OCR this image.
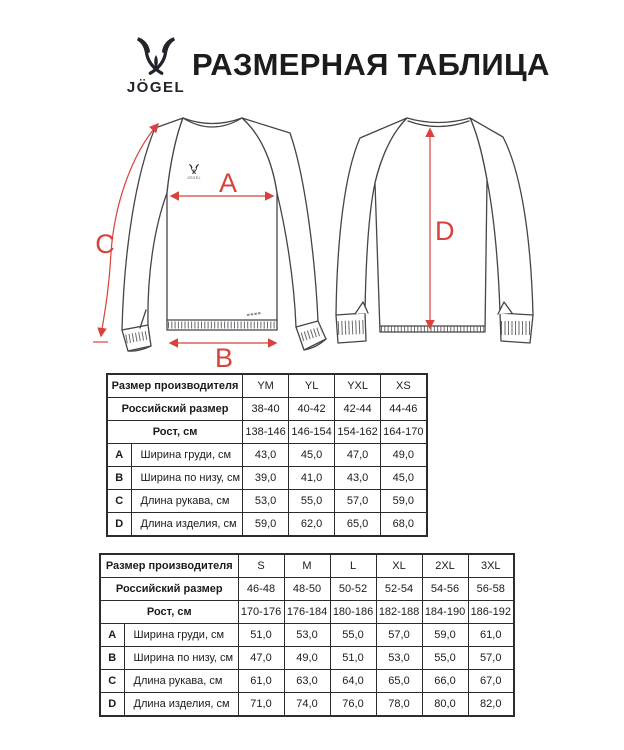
JÖGEL
РАЗМЕРНАЯ ТАБЛИЦА
JÖGEL A
B
C	D
Размер производителя		YM	YL	YXL	XS
Российский размер		38-40	40-42	42-44	44-46
Рост, см		138-146	146-154	154-162	164-170
A	Ширина груди, см	43,0	45,0	47,0	49,0
B	Ширина по низу, см	39,0	41,0	43,0	45,0
C	Длина рукава, см	53,0	55,0	57,0	59,0
D	Длина изделия, см	59,0	62,0	65,0	68,0
Размер производителя		S	M	L	XL	2XL	3XL
Российский размер		46-48	48-50	50-52	52-54	54-56	56-58
Рост, см		170-176	176-184	180-186	182-188	184-190	186-192
A	Ширина груди, см	51,0	53,0	55,0	57,0	59,0	61,0
B	Ширина по низу, см	47,0	49,0	51,0	53,0	55,0	57,0
C	Длина рукава, см	61,0	63,0	64,0	65,0	66,0	67,0
D	Длина изделия, см	71,0	74,0	76,0	78,0	80,0	82,0
